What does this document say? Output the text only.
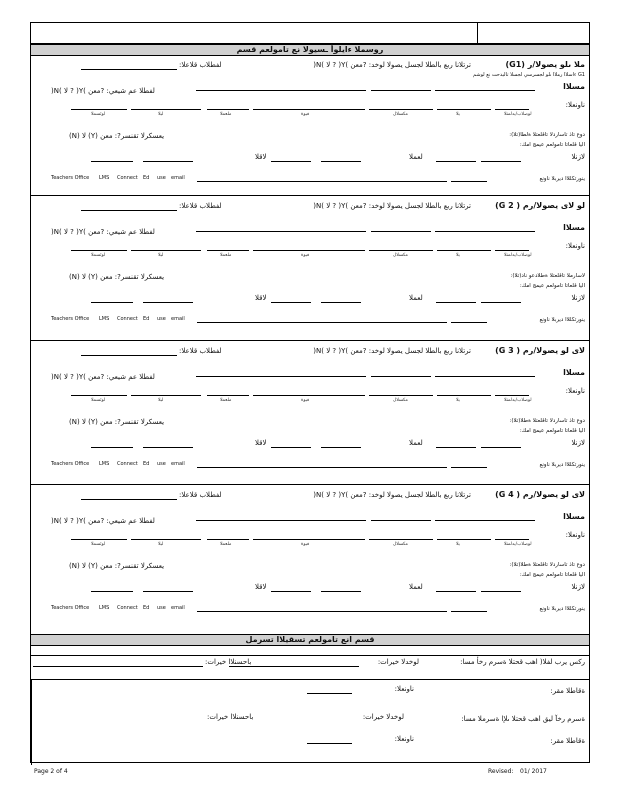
روسملا ءايلوأ ـسيولا نع تامولعم قسم
ملا ىلو يصولا/ر (G1)
ترتلانا ربع بالطلا لجسل يصولا لوخد: ?معن )Y( ? لا )N(
لفطلاب قلاعلا:
G1 ءاسلاا رملاا ىلو لجسرسي لجسلا تاليدحت نع لوشم
مسلاا
لفطلا عم شيعي: ?معن )Y( ? لا )N(
ناونعلا:
لوصلاب/يدلمتلا
يلا
مكسلال
فيوة
ملعملا
ليلا
لوئسملا
يعسكرلا تقنسر?: معن (Y) لا (N)	دوع تاذ تاساردلا تاقلعتلا ةلطا(تلا):
اليا قلعاتا تامولعم عيمج امك:
لازنلا
لعملا
لاقلا
Teachers Office LMS Connect Ed use email	ينورتكللاا ديربلا ناونع
لو لاى يصولا/رم ( G 2)
ترتلانا ربع بالطلا لجسل يصولا لوخد: ?معن )Y( ? لا )N(
لفطلاب قلاعلا:
مسلاا
لفطلا عم شيعي: ?معن )Y( ? لا )N(
ناونعلا:
لوصلاب/يدلمتلا
يلا
مكسلال
فيوة
ملعملا
ليلا
لوئسملا
يعسكرلا تقنسر?: معن (Y) لا (N)	لاسارملا تاقلعتلا ةطلادعو ناد(تلا):
اليا قلعاتا تامولعم عيمج امك:
لازنلا
لعملا
لاقلا
Teachers Office LMS Connect Ed use email	ينورتكللاا ديربلا ناونع
لاى لو يصولا/رم ( G 3)
ترتلانا ربع بالطلا لجسل يصولا لوخد: ?معن )Y( ? لا )N(
لفطلاب قلاعلا:
مسلاا
لفطلا عم شيعي: ?معن )Y( ? لا )N(
ناونعلا:
لوصلاب/يدلمتلا
يلا
مكسلال
فيوة
ملعملا
ليلا
لوئسملا
يعسكرلا تقنسر?: معن (Y) لا (N)	دوع تاذ تاساردلا تاقلعتلا ةطلا(تلا):
اليا قلعاتا تامولعم عيمج امك:
لازنلا
لعملا
لاقلا
Teachers Office LMS Connect Ed use email	ينورتكللاا ديربلا ناونع
لاى لو يصولا/رم ( G 4)
ترتلانا ربع بالطلا لجسل يصولا لوخد: ?معن )Y( ? لا )N(
لفطلاب قلاعلا:
مسلاا
لفطلا عم شيعي: ?معن )Y( ? لا )N(
ناونعلا:
لوصلاب/يدلمتلا
يلا
مكسلال
فيوة
ملعملا
ليلا
لوئسملا
يعسكرلا تقنسر?: معن (Y) لا (N)	دوع تاذ تاساردلا تاقلعتلا ةطلا(تلا):
اليا قلعاتا تامولعم عيمج امك:
لازنلا
لعملا
لاقلا
Teachers Office LMS Connect Ed use email	ينورتكللاا ديربلا ناونع
قسم انع تامولعم تسقيلاا تسرمل
ركس يرب لفلا( اهب قحتلا ةسرم رخأ مسا:
لوخدلا خيرات:
باحسنلاا خيرات:
ةقاطلا مقر:
ناونعلا:
ةسرم رخآ ليق اهب قحتلا ىلإا ةسرملا مسا:
لوخدلا خيرات:
باحسنلاا خيرات:
ةقاطلا مقر:
ناونعلا:
Page 2 of 4	Revised: 01/ 2017
